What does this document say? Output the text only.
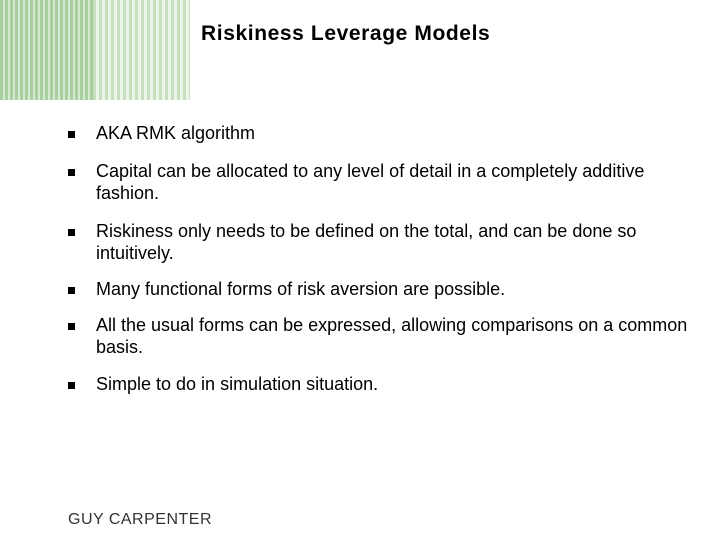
Riskiness Leverage Models
AKA RMK algorithm
Capital can be allocated to any level of detail in a completely additive fashion.
Riskiness only needs to be defined on the total, and can be done so intuitively.
Many functional forms of risk aversion are possible.
All the usual forms can be expressed, allowing comparisons on a common basis.
Simple to do in simulation situation.
GUY CARPENTER
